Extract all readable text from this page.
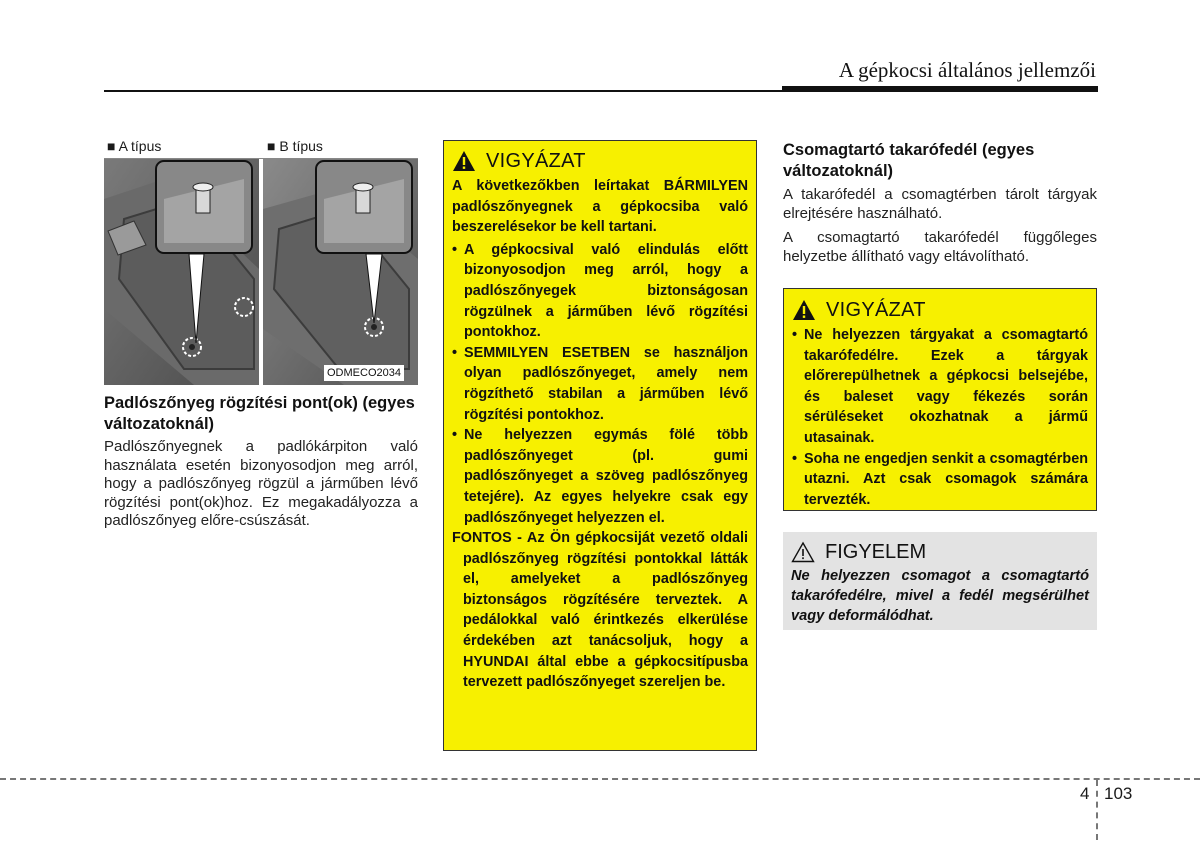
A gépkocsi általános jellemzői
■ A típus	■ B típus
ODMECO2034
Padlószőnyeg rögzítési pont(ok) (egyes változatoknál)
Padlószőnyegnek a padlókárpiton való használata esetén bizonyosodjon meg arról, hogy a padlószőnyeg rögzül a járműben lévő rögzítési pont(ok)hoz. Ez megakadályozza a padlószőnyeg előre-csúszását.
VIGYÁZAT

A következőkben leírtakat BÁRMILYEN padlószőnyegnek a gépkocsiba való beszerelésekor be kell tartani.

• A gépkocsival való elindulás előtt bizonyosodjon meg arról, hogy a padlószőnyegek biztonságosan rögzülnek a járműben lévő rögzítési pontokhoz.
• SEMMILYEN ESETBEN se használjon olyan padlószőnyeget, amely nem rögzíthető stabilan a járműben lévő rögzítési pontokhoz.
• Ne helyezzen egymás fölé több padlószőnyeget (pl. gumi padlószőnyeget a szöveg padlószőnyeg tetejére). Az egyes helyekre csak egy padlószőnyeget helyezzen el.

FONTOS - Az Ön gépkocsiját vezető oldali padlószőnyeg rögzítési pontokkal látták el, amelyeket a padlószőnyeg biztonságos rögzítésére terveztek. A pedálokkal való érintkezés elkerülése érdekében azt tanácsoljuk, hogy a HYUNDAI által ebbe a gépkocsitípusba tervezett padlószőnyeget szereljen be.

Csomagtartó takarófedél (egyes változatoknál)
A takarófedél a csomagtérben tárolt tárgyak elrejtésére használható.
A csomagtartó takarófedél függőleges helyzetbe állítható vagy eltávolítható.
VIGYÁZAT
• Ne helyezzen tárgyakat a csomagtartó takarófedélre. Ezek a tárgyak előrerepülhetnek a gépkocsi belsejébe, és baleset vagy fékezés során sérüléseket okozhatnak a jármű utasainak.
• Soha ne engedjen senkit a csomagtérben utazni. Azt csak csomagok számára tervezték.
FIGYELEM
Ne helyezzen csomagot a csomagtartó takarófedélre, mivel a fedél megsérülhet vagy deformálódhat.
4 103
